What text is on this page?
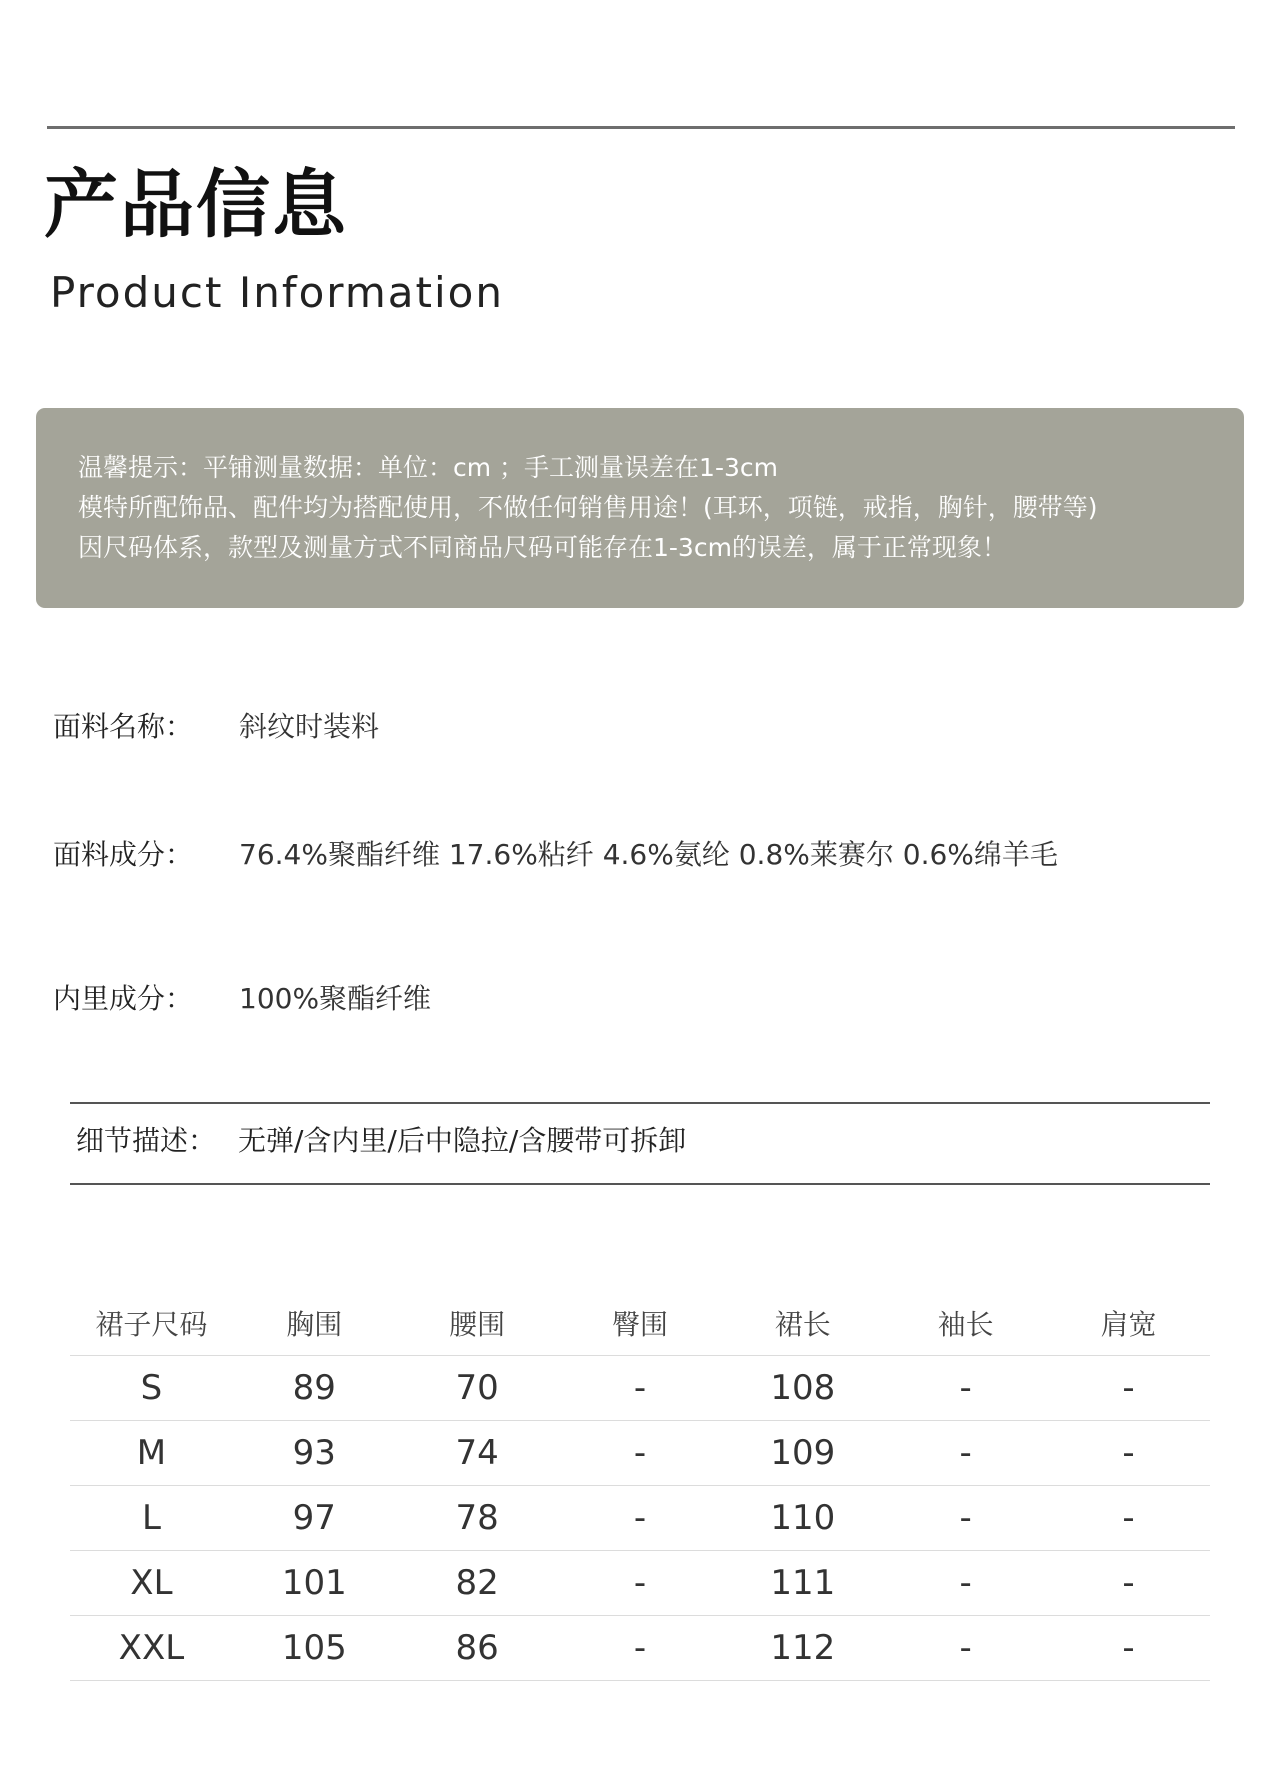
产品信息
Product Information
温馨提示：平铺测量数据：单位：cm ；手工测量误差在1-3cm
模特所配饰品、配件均为搭配使用，不做任何销售用途！(耳环，项链，戒指，胸针，腰带等)
因尺码体系，款型及测量方式不同商品尺码可能存在1-3cm的误差，属于正常现象！
面料名称： 斜纹时装料
面料成分： 76.4%聚酯纤维 17.6%粘纤 4.6%氨纶 0.8%莱赛尔 0.6%绵羊毛
内里成分： 100%聚酯纤维
细节描述： 无弹/含内里/后中隐拉/含腰带可拆卸
裙子尺码	胸围	腰围	臀围	裙长	袖长	肩宽
S	89	70	-	108	-	-
M	93	74	-	109	-	-
L	97	78	-	110	-	-
XL	101	82	-	111	-	-
XXL	105	86	-	112	-	-
